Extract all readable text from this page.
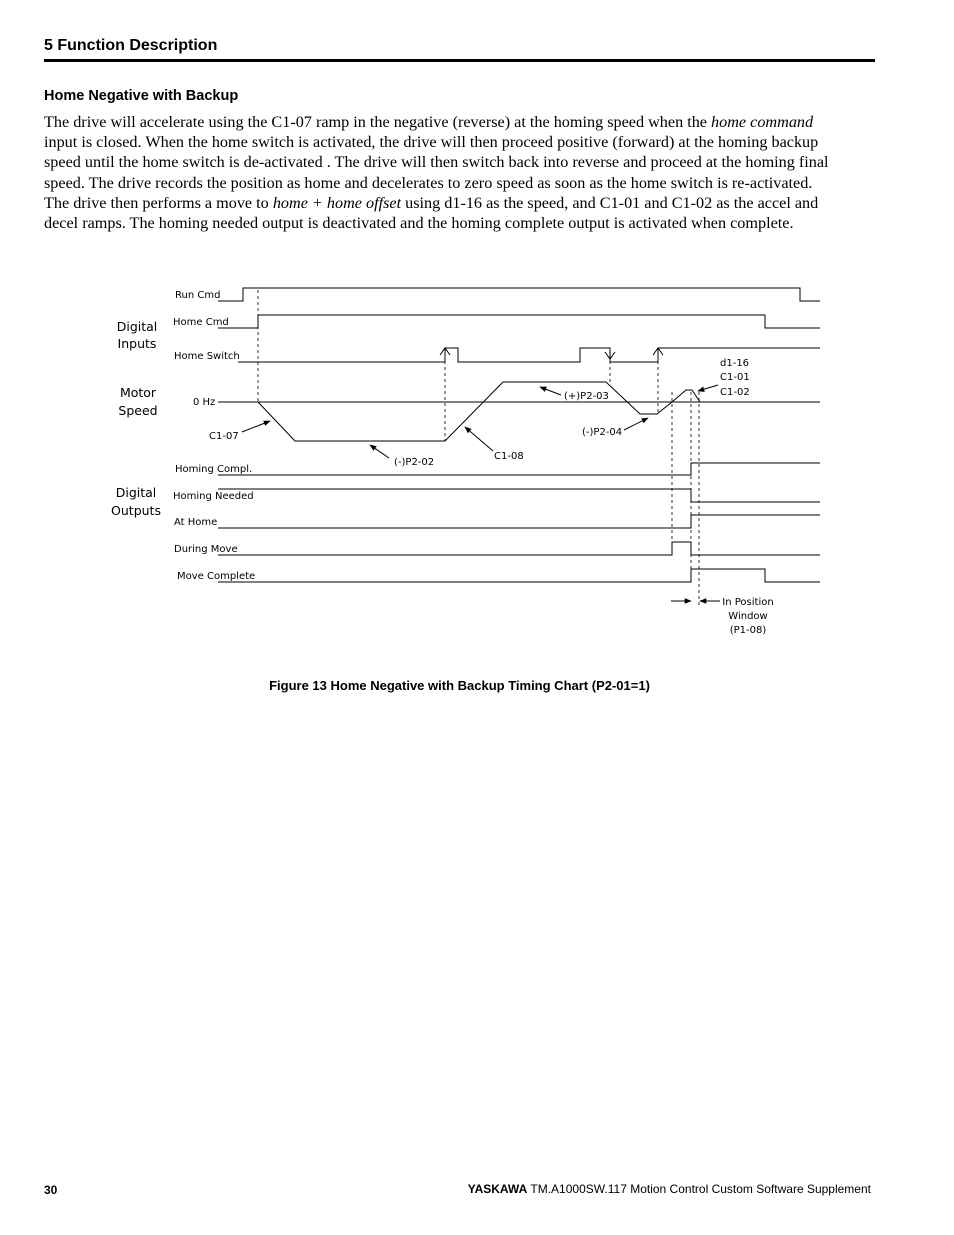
5 Function Description
Home Negative with Backup
The drive will accelerate using the C1-07 ramp in the negative (reverse) at the homing speed when the home command
input is closed. When the home switch is activated, the drive will then proceed positive (forward) at the homing backup
speed until the home switch is de-activated . The drive will then switch back into reverse and proceed at the homing final
speed. The drive records the position as home and decelerates to zero speed as soon as the home switch is re-activated.
The drive then performs a move to home + home offset using d1-16 as the speed, and C1-01 and C1-02 as the accel and
decel ramps. The homing needed output is deactivated and the homing complete output is activated when complete.
Digital
Inputs
Motor
Speed
Digital
Outputs
Run Cmd
Home Cmd
Home Switch
0 Hz
Homing Compl.
Homing Needed
At Home
During Move
Move Complete
C1-07
(-)P2-02
C1-08
(+)P2-03
(-)P2-04
d1-16
C1-01
C1-02
In Position
Window
(P1-08)
Figure 13 Home Negative with Backup Timing Chart (P2-01=1)
30	YASKAWA TM.A1000SW.117 Motion Control Custom Software Supplement
